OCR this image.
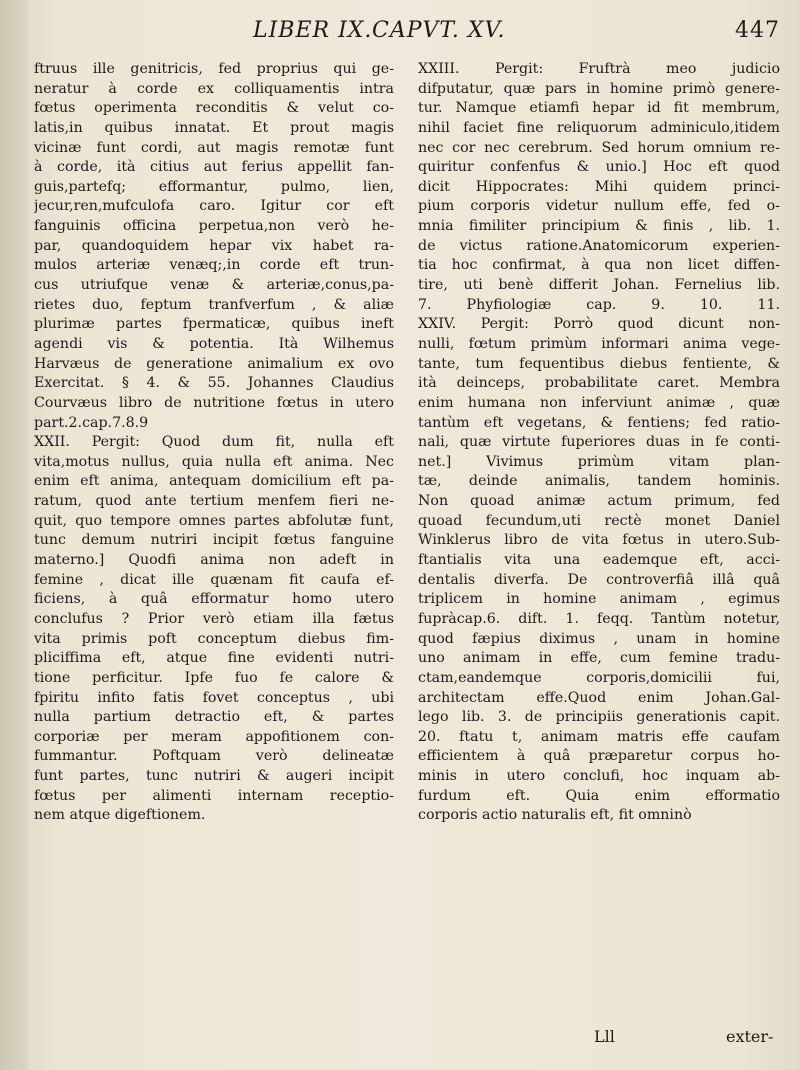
LIBER IX. CAPVT. XV.	447
ftruus ille genitricis, fed proprius qui ge-
neratur à corde ex colliquamentis intra
fœtus operimenta reconditis & velut co-
latis,in quibus innatat. Et prout magis
vicinæ funt cordi, aut magis remotæ funt
à corde, ità citius aut ferius appellit fan-
guis,partefq; efformantur, pulmo, lien,
jecur,ren,mufculofa caro. Igitur cor eft
fanguinis officina perpetua,non verò he-
par, quandoquidem hepar vix habet ra-
mulos arteriæ venæq;,in corde eft trun-
cus utriufque venæ & arteriæ,conus,pa-
rietes duo, feptum tranfverfum , & aliæ
plurimæ partes fpermaticæ, quibus ineft
agendi vis & potentia. Ità Wilhemus
Harvæus de generatione animalium ex ovo
Exercitat. § 4. & 55. Johannes Claudius
Courvæus libro de nutritione fœtus in utero
part.2.cap.7.8.9
XXII. Pergit: Quod dum fit, nulla eft
vita,motus nullus, quia nulla eft anima. Nec
enim eft anima, antequam domicilium eft pa-
ratum, quod ante tertium menfem fieri ne-
quit, quo tempore omnes partes abfolutæ funt,
tunc demum nutriri incipit fœtus fanguine
materno.] Quodfi anima non adeft in
femine , dicat ille quænam fit caufa ef-
ficiens, à quâ efformatur homo utero
conclufus ? Prior verò etiam illa fætus
vita primis poft conceptum diebus fim-
pliciffima eft, atque fine evidenti nutri-
tione perficitur. Ipfe fuo fe calore &
fpiritu infito fatis fovet conceptus , ubi
nulla partium detractio eft, & partes
corporiæ per meram appofitionem con-
fummantur. Poftquam verò delineatæ
funt partes, tunc nutriri & augeri incipit
fœtus per alimenti internam receptio-
nem atque digeftionem.
XXIII. Pergit: Fruftrà meo judicio
difputatur, quæ pars in homine primò genere-
tur. Namque etiamfi hepar id fit membrum,
nihil faciet fine reliquorum adminiculo,itidem
nec cor nec cerebrum. Sed horum omnium re-
quiritur confenfus & unio.] Hoc eft quod
dicit Hippocrates: Mihi quidem princi-
pium corporis videtur nullum effe, fed o-
mnia fimiliter principium & finis , lib. 1.
de victus ratione.Anatomicorum experien-
tia hoc confirmat, à qua non licet diffen-
tire, uti benè differit Johan. Fernelius lib.
7. Phyfiologiæ cap. 9. 10. 11.
XXIV. Pergit: Porrò quod dicunt non-
nulli, fœtum primùm informari anima vege-
tante, tum fequentibus diebus fentiente, &
ità deinceps, probabilitate caret. Membra
enim humana non inferviunt animæ , quæ
tantùm eft vegetans, & fentiens; fed ratio-
nali, quæ virtute fuperiores duas in fe conti-
net.] Vivimus primùm vitam plan-
tæ, deinde animalis, tandem hominis.
Non quoad animæ actum primum, fed
quoad fecundum,uti rectè monet Daniel
Winklerus libro de vita fœtus in utero.Sub-
ftantialis vita una eademque eft, acci-
dentalis diverfa. De controverfiâ illâ quâ
triplicem in homine animam , egimus
fupràcap.6. dift. 1. feqq. Tantùm notetur,
quod fæpius diximus , unam in homine
uno animam in effe, cum femine tradu-
ctam,eandemque corporis,domicilii fui,
architectam effe.Quod enim Johan.Gal-
lego lib. 3. de principiis generationis capit.
20. ftatu t, animam matris effe caufam
efficientem à quâ præparetur corpus ho-
minis in utero conclufi, hoc inquam ab-
furdum eft. Quia enim efformatio
corporis actio naturalis eft, fit omninò
Lll	exter-
